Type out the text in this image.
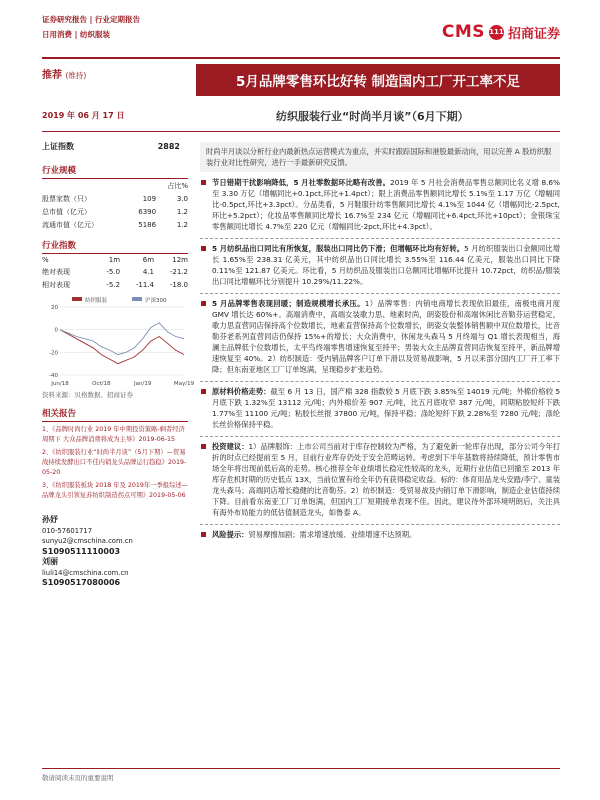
证券研究报告 | 行业定期报告
日用消费 | 纺织服装	CMS 111 招商证券
推荐 (维持)	5月品牌零售环比好转 制造国内工厂开工率不足
2019 年 06 月 17 日	纺织服装行业“时尚半月谈”（6月下期）
上证指数	2882
行业规模
		占比%
股票家数（只）	109	3.0
总市值（亿元）	6390	1.2
流通市值（亿元）	5186	1.2
行业指数
%	1m	6m	12m
绝对表现	-5.0	4.1	-21.2
相对表现	-5.2	-11.4	-18.0
纺织服装	沪深300
20
0
-20
-40
Jun/18	Oct/18	Jan/19	May/19
资料来源：贝格数据、招商证券
相关报告
1、《品牌时尚行业 2019 年中期投资策略-剩者经济周期下 大众品牌消费将成为主导》2019-06-15
2、《纺织服装行业“时尚半月谈”（5月下期）—贸易战持续发酵出口不佳内销龙头品牌运行趋稳》2019-05-20
3、《纺织服装板块 2018 年及 2019年一季报综述—品牌龙头引领复苏纺织制造拐点可期》2019-05-06
孙妤
010-57601717
sunyu2@cmschina.com.cn
S1090511110003
刘丽
liuli14@cmschina.com.cn
S1090517080006
时尚半月谈以分析行业内最新热点运营模式为重点，并实时跟踪国际和港股最新动向，用以完善 A 股纺织服装行业对比性研究，进行一手最新研究反馈。
节日错期干扰影响降低，5 月社零数据环比略有改善。2019 年 5 月社会消费品零售总额同比名义增 8.6%至 3.30 万亿（增幅同比+0.1pct,环比+1.4pct）；限上消费品零售额同比增长 5.1%至 1.17 万亿（增幅同比-0.5pct,环比+3.3pct）。分品类看，5 月鞋服针纺零售额同比增长 4.1%至 1044 亿（增幅同比-2.5pct,环比+5.2pct）；化妆品零售额同比增长 16.7%至 234 亿元（增幅同比+6.4pct,环比+10pct）；金银珠宝零售额同比增长 4.7%至 220 亿元（增幅同比-2pct,环比+4.3pct）。
5 月纺织品出口同比有所恢复，服装出口同比仍下滑；但增幅环比均有好转。5 月纺织服装出口金额同比增长 1.65%至 238.31 亿美元，其中纺织品出口同比增长 3.55%至 116.44 亿美元，服装出口同比下降 0.11%至 121.87 亿美元。环比看，5 月纺织品及服装出口总额同比增幅环比提升 10.72pct，纺织品/服装出口同比增幅环比分别提升 10.29%/11.22%。
5 月品牌零售表现回暖；制造规模增长承压。1）品牌零售：内销电商增长表现依旧最佳，南极电商月度 GMV 增长达 60%+。高端消费中，高端女装歌力思、地素时尚，朗姿股份和高端休闲比音勒芬运营稳定，歌力思直营同店保持高个位数增长，地素直营保持高个位数增长，朗姿女装整体销售额中双位数增长，比音勒芬老系列直营同店仍保持 15%+的增长；大众消费中，休闲龙头森马 5 月终端与 Q1 增长表现相当，海澜主品牌低个位数增长，太平鸟终端零售增速恢复至持平；男装大众主品牌直营同店恢复至持平，新品牌增速恢复至 40%。2）纺织制造：受内销品牌客户订单下滑以及贸易战影响，5 月以来部分国内工厂开工率下降；但东南亚地区工厂订单饱满，呈现稳步扩张趋势。
原材料价格走势：截至 6 月 13 日，国产棉 328 指数较 5 月底下跌 3.85%至 14019 元/吨；外棉价格较 5 月底下跌 1.32%至 13112 元/吨；内外棉价差 907 元/吨，比五月底收窄 387 元/吨，同期粘胶短纤下跌 1.77%至 11100 元/吨；粘胶长丝报 37800 元/吨，保持平稳；涤纶短纤下跌 2.28%至 7280 元/吨；涤纶长丝价格保持平稳。
投资建议：1）品牌服饰：上市公司当前对于库存控制较为严格，为了避免新一轮库存出现，部分公司今年打折的时点已经提前至 5 月，目前行业库存仍处于安全范畴运转。考虑到下半年基数将持续降低，预计零售市场全年将出现前低后高的走势。核心推荐全年业绩增长稳定性较高的龙头，近期行业估值已回撤至 2013 年库存危机时期的历史低点 13X，当前位置有给全年仍有获得稳定收益。标的：体育用品龙头安踏/李宁、童装龙头森马；高端同店增长稳健的比音勒芬。2）纺织制造：受贸易战及内销订单下滑影响，制造企业估值持续下降。目前看东南亚工厂订单饱满，但国内工厂短期接单表现不佳。因此，建议待外部环境明朗后，关注具有海外布局能力的低估值制造龙头，如鲁泰 A。
风险提示：贸易摩擦加剧；需求增速放缓、业绩增速不达预期。
敬请阅读末页的重要说明
